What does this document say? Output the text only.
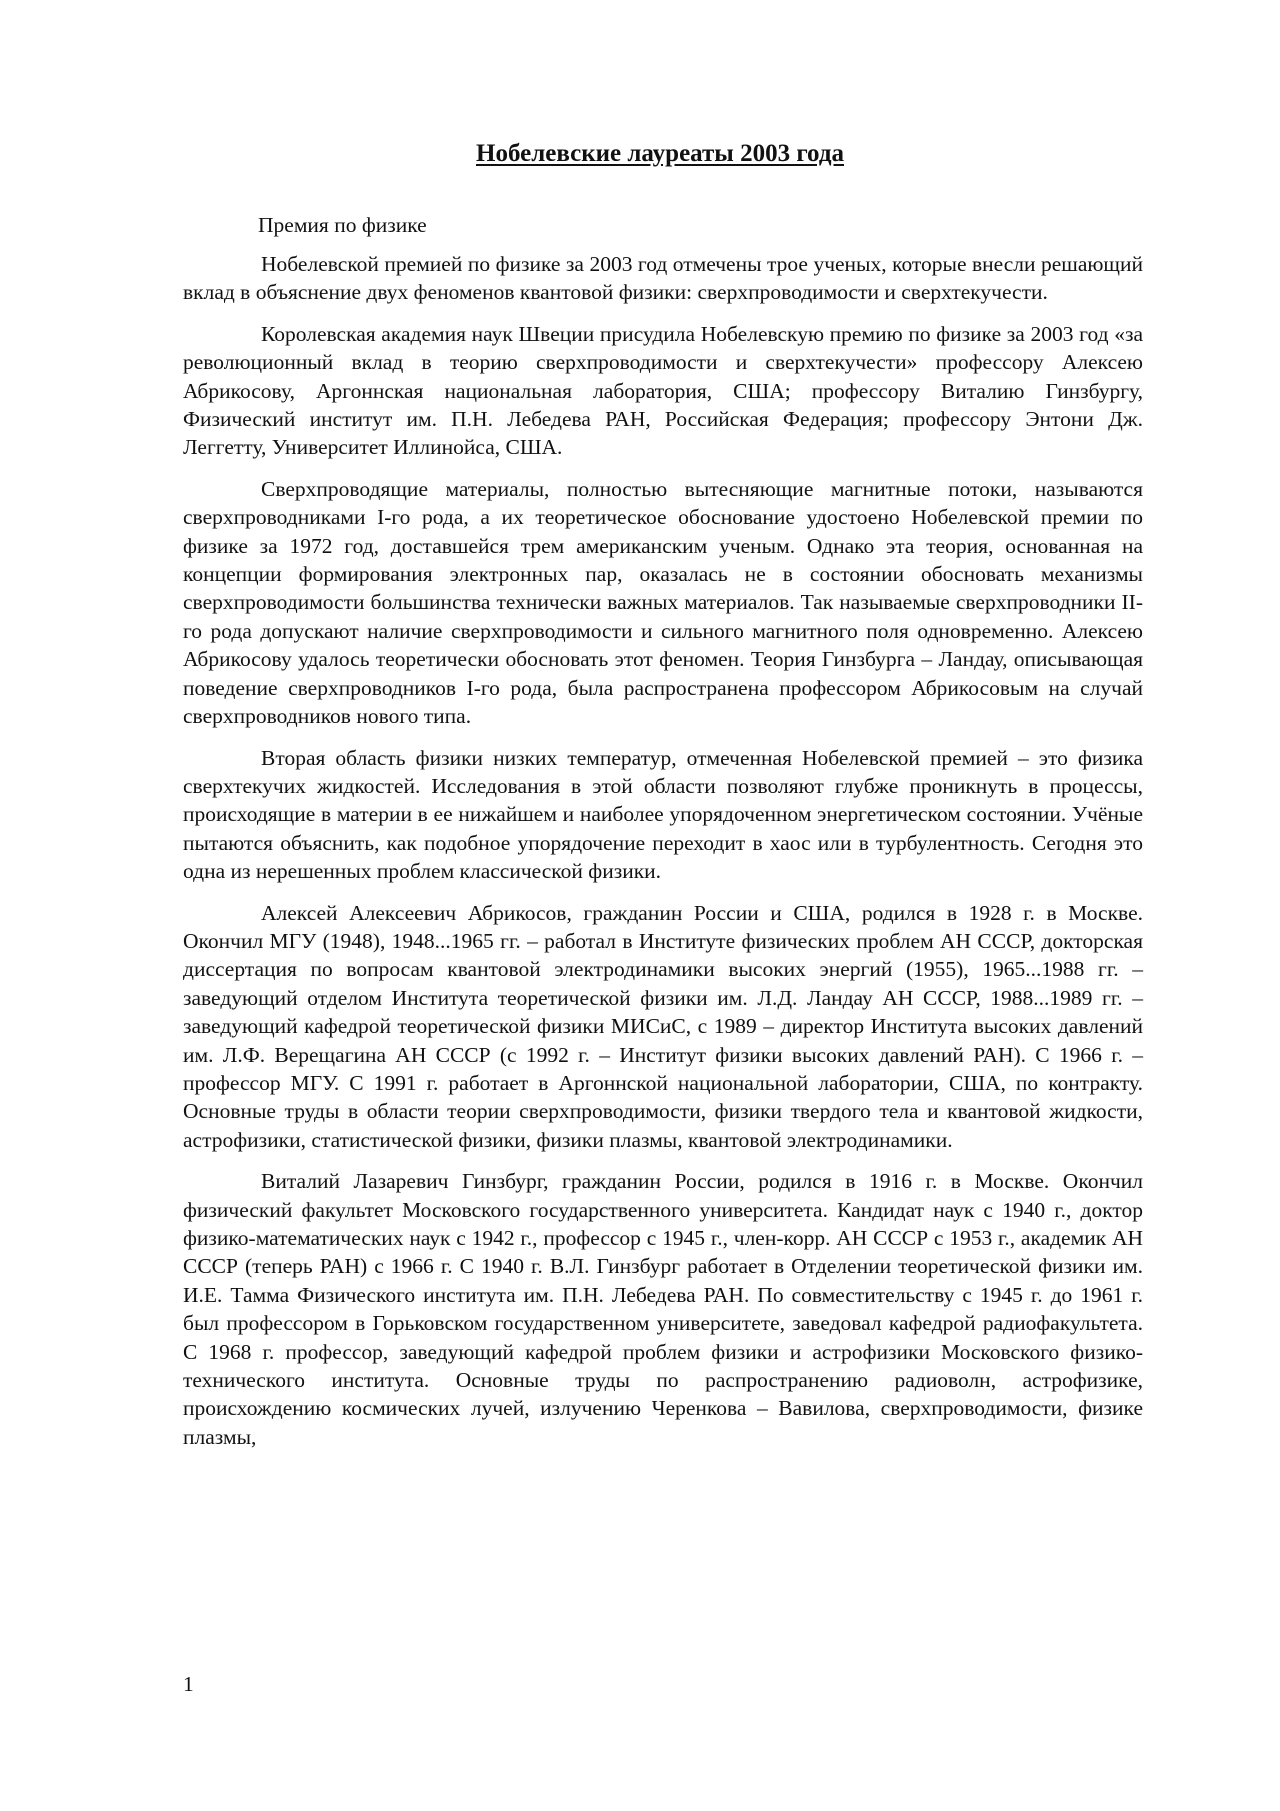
Нобелевские лауреаты 2003 года
Премия по физике

Нобелевской премией по физике за 2003 год отмечены трое ученых, которые внесли решающий вклад в объяснение двух феноменов квантовой физики: сверхпроводимости и сверхтекучести.

Королевская академия наук Швеции присудила Нобелевскую премию по физике за 2003 год «за революционный вклад в теорию сверхпроводимости и сверхтекучести» профессору Алексею Абрикосову, Аргоннская национальная лаборатория, США; профессору Виталию Гинзбургу, Физический институт им. П.Н. Лебедева РАН, Российская Федерация; профессору Энтони Дж. Леггетту, Университет Иллинойса, США.

Сверхпроводящие материалы, полностью вытесняющие магнитные потоки, называются сверхпроводниками I-го рода, а их теоретическое обоснование удостоено Нобелевской премии по физике за 1972 год, доставшейся трем американским ученым. Однако эта теория, основанная на концепции формирования электронных пар, оказалась не в состоянии обосновать механизмы сверхпроводимости большинства технически важных материалов. Так называемые сверхпроводники II-го рода допускают наличие сверхпроводимости и сильного магнитного поля одновременно. Алексею Абрикосову удалось теоретически обосновать этот феномен. Теория Гинзбурга – Ландау, описывающая поведение сверхпроводников I-го рода, была распространена профессором Абрикосовым на случай сверхпроводников нового типа.

Вторая область физики низких температур, отмеченная Нобелевской премией – это физика сверхтекучих жидкостей. Исследования в этой области позволяют глубже проникнуть в процессы, происходящие в материи в ее нижайшем и наиболее упорядоченном энергетическом состоянии. Учёные пытаются объяснить, как подобное упорядочение переходит в хаос или в турбулентность. Сегодня это одна из нерешенных проблем классической физики.

Алексей Алексеевич Абрикосов, гражданин России и США, родился в 1928 г. в Москве. Окончил МГУ (1948), 1948...1965 гг. – работал в Институте физических проблем АН СССР, докторская диссертация по вопросам квантовой электродинамики высоких энергий (1955), 1965...1988 гг. – заведующий отделом Института теоретической физики им. Л.Д. Ландау АН СССР, 1988...1989 гг. – заведующий кафедрой теоретической физики МИСиС, с 1989 – директор Института высоких давлений им. Л.Ф. Верещагина АН СССР (с 1992 г. – Институт физики высоких давлений РАН). С 1966 г. – профессор МГУ. С 1991 г. работает в Аргоннской национальной лаборатории, США, по контракту. Основные труды в области теории сверхпроводимости, физики твердого тела и квантовой жидкости, астрофизики, статистической физики, физики плазмы, квантовой электродинамики.

Виталий Лазаревич Гинзбург, гражданин России, родился в 1916 г. в Москве. Окончил физический факультет Московского государственного университета. Кандидат наук с 1940 г., доктор физико-математических наук с 1942 г., профессор с 1945 г., член-корр. АН СССР с 1953 г., академик АН СССР (теперь РАН) с 1966 г. С 1940 г. В.Л. Гинзбург работает в Отделении теоретической физики им. И.Е. Тамма Физического института им. П.Н. Лебедева РАН. По совместительству с 1945 г. до 1961 г. был профессором в Горьковском государственном университете, заведовал кафедрой радиофакультета. С 1968 г. профессор, заведующий кафедрой проблем физики и астрофизики Московского физико-технического института. Основные труды по распространению радиоволн, астрофизике, происхождению космических лучей, излучению Черенкова – Вавилова, сверхпроводимости, физике плазмы,

1
